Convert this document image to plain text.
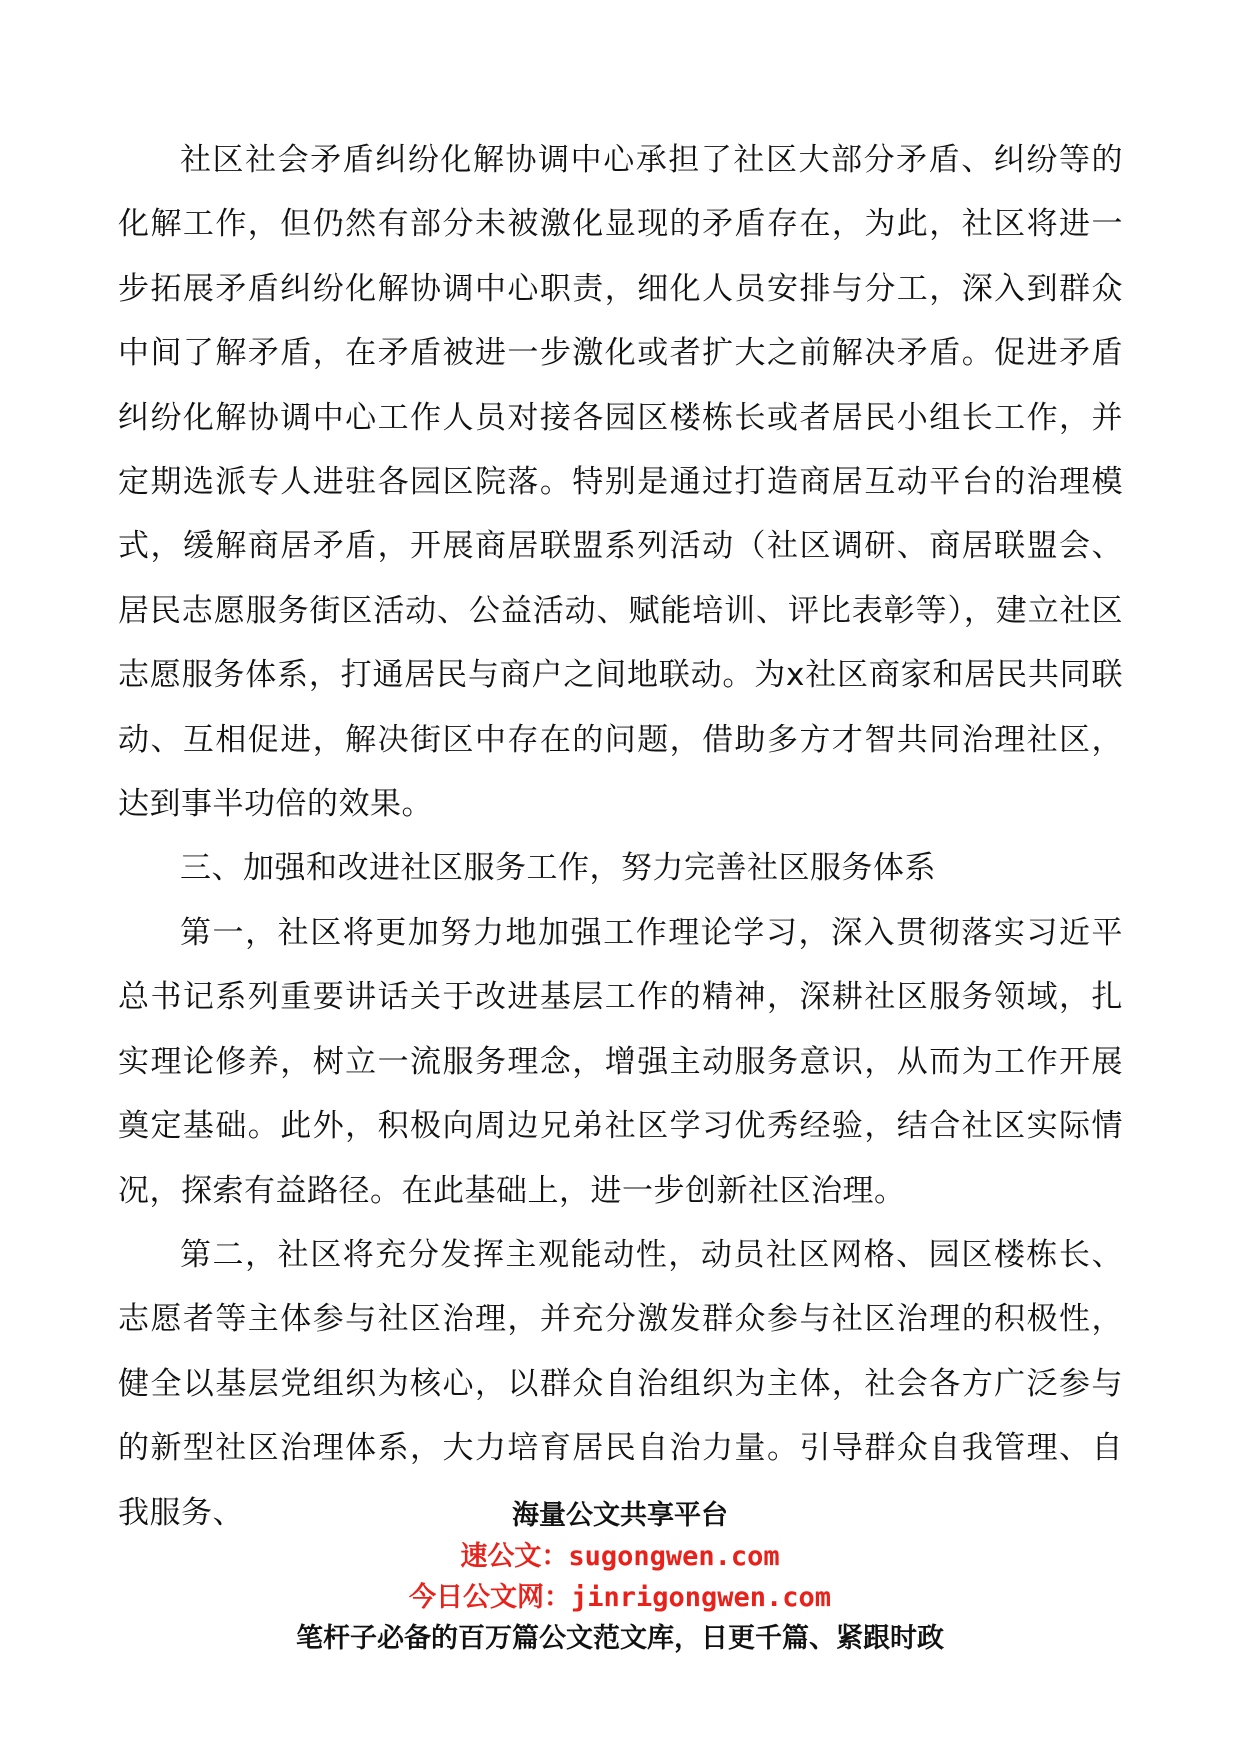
社区社会矛盾纠纷化解协调中心承担了社区大部分矛盾、纠纷等的化解工作，但仍然有部分未被激化显现的矛盾存在，为此，社区将进一步拓展矛盾纠纷化解协调中心职责，细化人员安排与分工，深入到群众中间了解矛盾，在矛盾被进一步激化或者扩大之前解决矛盾。促进矛盾纠纷化解协调中心工作人员对接各园区楼栋长或者居民小组长工作，并定期选派专人进驻各园区院落。特别是通过打造商居互动平台的治理模式，缓解商居矛盾，开展商居联盟系列活动（社区调研、商居联盟会、居民志愿服务街区活动、公益活动、赋能培训、评比表彰等），建立社区志愿服务体系，打通居民与商户之间地联动。为x社区商家和居民共同联动、互相促进，解决街区中存在的问题，借助多方才智共同治理社区，达到事半功倍的效果。

三、加强和改进社区服务工作，努力完善社区服务体系

第一，社区将更加努力地加强工作理论学习，深入贯彻落实习近平总书记系列重要讲话关于改进基层工作的精神，深耕社区服务领域，扎实理论修养，树立一流服务理念，增强主动服务意识，从而为工作开展奠定基础。此外，积极向周边兄弟社区学习优秀经验，结合社区实际情况，探索有益路径。在此基础上，进一步创新社区治理。

第二，社区将充分发挥主观能动性，动员社区网格、园区楼栋长、志愿者等主体参与社区治理，并充分激发群众参与社区治理的积极性，健全以基层党组织为核心，以群众自治组织为主体，社会各方广泛参与的新型社区治理体系，大力培育居民自治力量。引导群众自我管理、自我服务、	海量公文共享平台
速公文：sugongwen.com
今日公文网：jinrigongwen.com
笔杆子必备的百万篇公文范文库，日更千篇、紧跟时政
